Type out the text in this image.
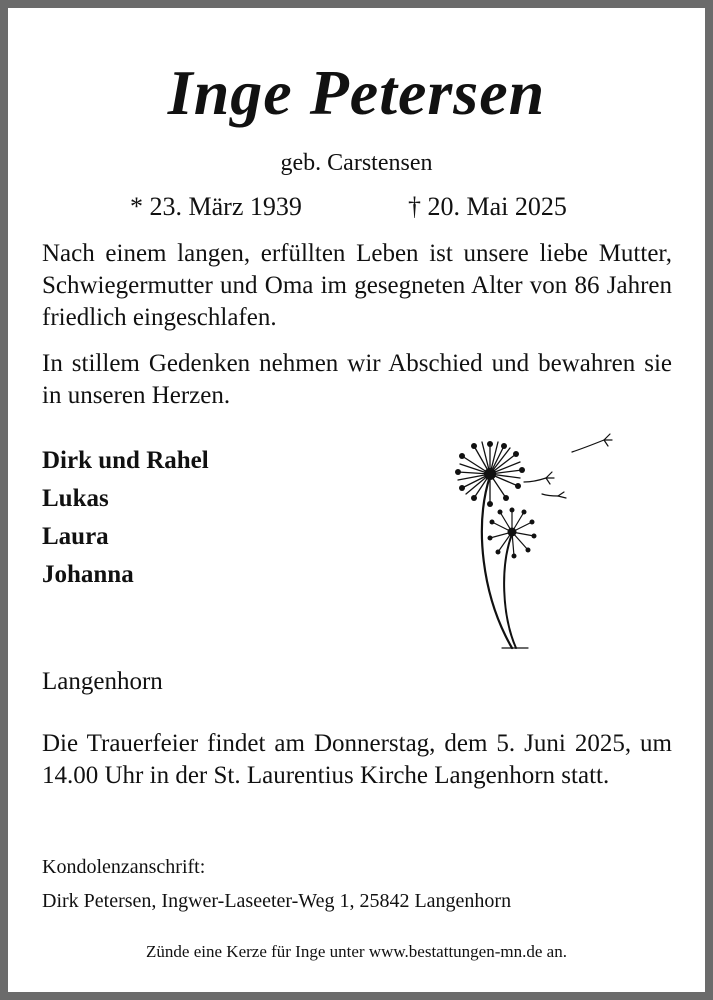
Inge Petersen
geb. Carstensen
* 23. März 1939	† 20. Mai 2025
Nach einem langen, erfüllten Leben ist unsere liebe Mutter, Schwiegermutter und Oma im gesegneten Alter von 86 Jahren friedlich eingeschlafen.
In stillem Gedenken nehmen wir Abschied und bewahren sie in unseren Herzen.
Dirk und Rahel
Lukas
Laura
Johanna
Langenhorn
Die Trauerfeier findet am Donnerstag, dem 5. Juni 2025, um 14.00 Uhr in der St. Laurentius Kirche Langenhorn statt.
Kondolenzanschrift:
Dirk Petersen, Ingwer-Laseeter-Weg 1, 25842 Langenhorn
Zünde eine Kerze für Inge unter www.bestattungen-mn.de an.
